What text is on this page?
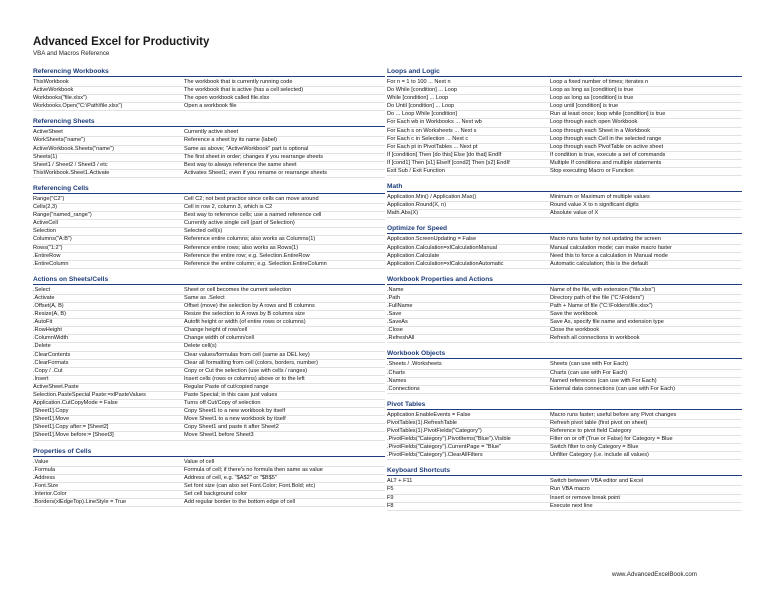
Advanced Excel for Productivity
VBA and Macros Reference
Referencing Workbooks
ThisWorkbook	The workbook that is currently running code
ActiveWorkbook	The workbook that is active (has a cell selected)
Workbooks("file.xlsx")	The open workbook called file.xlsx
Workbooks.Open("C:\Path\file.xlsx")	Open a workbook file
Referencing Sheets
ActiveSheet	Currently active sheet
WorkSheets("name")	Reference a sheet by its name (label)
ActiveWorkbook.Sheets("name")	Same as above; "ActiveWorkbook" part is optional
Sheets(1)	The first sheet in order; changes if you rearrange sheets
Sheet1 / Sheet2 / Sheet3 / etc	Best way to always reference the same sheet
ThisWorkbook.Sheet1.Activate	Activates Sheet1; even if you rename or rearrange sheets
Referencing Cells
Range("C2")	Cell C2; not best practice since cells can move around
Cells(2,3)	Cell in row 2, column 3, which is C2
Range("named_range")	Best way to reference cells; use a named reference cell
ActiveCell	Currently active single cell (part of Selection)
Selection	Selected cell(s)
Columns("A:B")	Reference entire columns; also works as Columns(1)
Rows("1:2")	Reference entire rows; also works as Rows(1)
.EntireRow	Reference the entire row; e.g. Selection.EntireRow
.EntireColumn	Reference the entire column; e.g. Selection.EntireColumn
Actions on Sheets/Cells
.Select	Sheet or cell becomes the current selection
.Activate	Same as .Select
.Offset(A, B)	Offset (move) the selection by A rows and B columns
.Resize(A, B)	Resize the selection to A rows by B columns size
.AutoFit	Autofit height or width (of entire rows or columns)
.RowHeight	Change height of row/cell
.ColumnWidth	Change width of column/cell
.Delete	Delete cell(s)
.ClearContents	Clear values/formulas from cell (same as DEL key)
.ClearFormats	Clear all formatting from cell (colors, borders, number)
.Copy / .Cut	Copy or Cut the selection (use with cells / ranges)
.Insert	Insert cells (rows or columns) above or to the left
ActiveSheet.Paste	Regular Paste of cut/copied range
Selection.PasteSpecial Paste:=xlPasteValues	Paste Special; in this case just values
Application.CutCopyMode = False	Turns off Cut/Copy of selection
[Sheet1].Copy	Copy Sheet1 to a new workbook by itself
[Sheet1].Move	Move Sheet1 to a new workbook by itself
[Sheet1].Copy after:= [Sheet2]	Copy Sheet1 and paste it after Sheet2
[Sheet1].Move before:= [Sheet3]	Move Sheet1 before Sheet3
Properties of Cells
.Value	Value of cell
.Formula	Formula of cell; if there's no formula then same as value
.Address	Address of cell, e.g. "$A$2" or "$B$5"
.Font.Size	Set font size (can also set Font.Color; Font.Bold; etc)
.Interior.Color	Set cell background color
.Borders(xlEdgeTop).LineStyle = True	Add regular border to the bottom edge of cell
Loops and Logic
For n = 1 to 100 ... Next n	Loop a fixed number of times; iterates n
Do While [condition] ... Loop	Loop as long as [condition] is true
While [condition] ... Loop	Loop as long as [condition] is true
Do Until [condition] ... Loop	Loop until [condition] is true
Do ... Loop While [condition]	Run at least once; loop while [condition] is true
For Each wb in Workbooks ... Next wb	Loop through each open Workbook
For Each s on Worksheets ... Next s	Loop through each Sheet in a Workbook
For Each c in Selection ... Next c	Loop through each Cell in the selected range
For Each pt in PivotTables ... Next pt	Loop through each PivotTable on active sheet
If [condition] Then [do this] Else [do that] EndIf	If condition is true, execute a set of commands
If [cond1] Then [s1] ElseIf [cond2] Then [s2] EndIf	Multiple If conditions and multiple statements
Exit Sub / Exit Function	Stop executing Macro or Function
Math
Application.Min() / Application.Max()	Minimum or Maximum of multiple values
Application.Round(X, n)	Round value X to n significant digits
Math.Abs(X)	Absolute value of X
Optimize for Speed
Application.ScreenUpdating = False	Macro runs faster by not updating the screen
Application.Calculation=xlCalculationManual	Manual calculation mode; can make macro faster
Application.Calculate	Need this to force a calculation in Manual mode
Application.Calculation=xlCalculationAutomatic	Automatic calculation; this is the default
Workbook Properties and Actions
.Name	Name of the file, with extension ("file.xlsx")
.Path	Directory path of the file ("C:\Folders")
.FullName	Path + Name of file ("C:\Folders\file.xlsx")
.Save	Save the workbook
.SaveAs	Save As, specify file name and extension type
.Close	Close the workbook
.RefreshAll	Refresh all connections in workbook
Workbook Objects
.Sheets / .Worksheets	Sheets (can use with For Each)
.Charts	Charts (can use with For Each)
.Names	Named references (can use with For Each)
.Connections	External data connections (can use with For Each)
Pivot Tables
Application.EnableEvents = False	Macro runs faster; useful before any Pivot changes
PivotTables(1).RefreshTable	Refresh pivot table (first pivot on sheet)
PivotTables(1).PivotFields("Category")	Reference to pivot field Category
.PivotFields("Category").PivotItems("Blue").Visible	Filter on or off (True or False) for Category = Blue
.PivotFields("Category").CurrentPage = "Blue"	Switch filter to only Category = Blue
.PivotFields("Category").ClearAllFilters	Unfilter Category (i.e. include all values)
Keyboard Shortcuts
ALT + F11	Switch between VBA editor and Excel
F5	Run VBA macro
F9	Insert or remove break point
F8	Execute next line
www.AdvancedExcelBook.com
